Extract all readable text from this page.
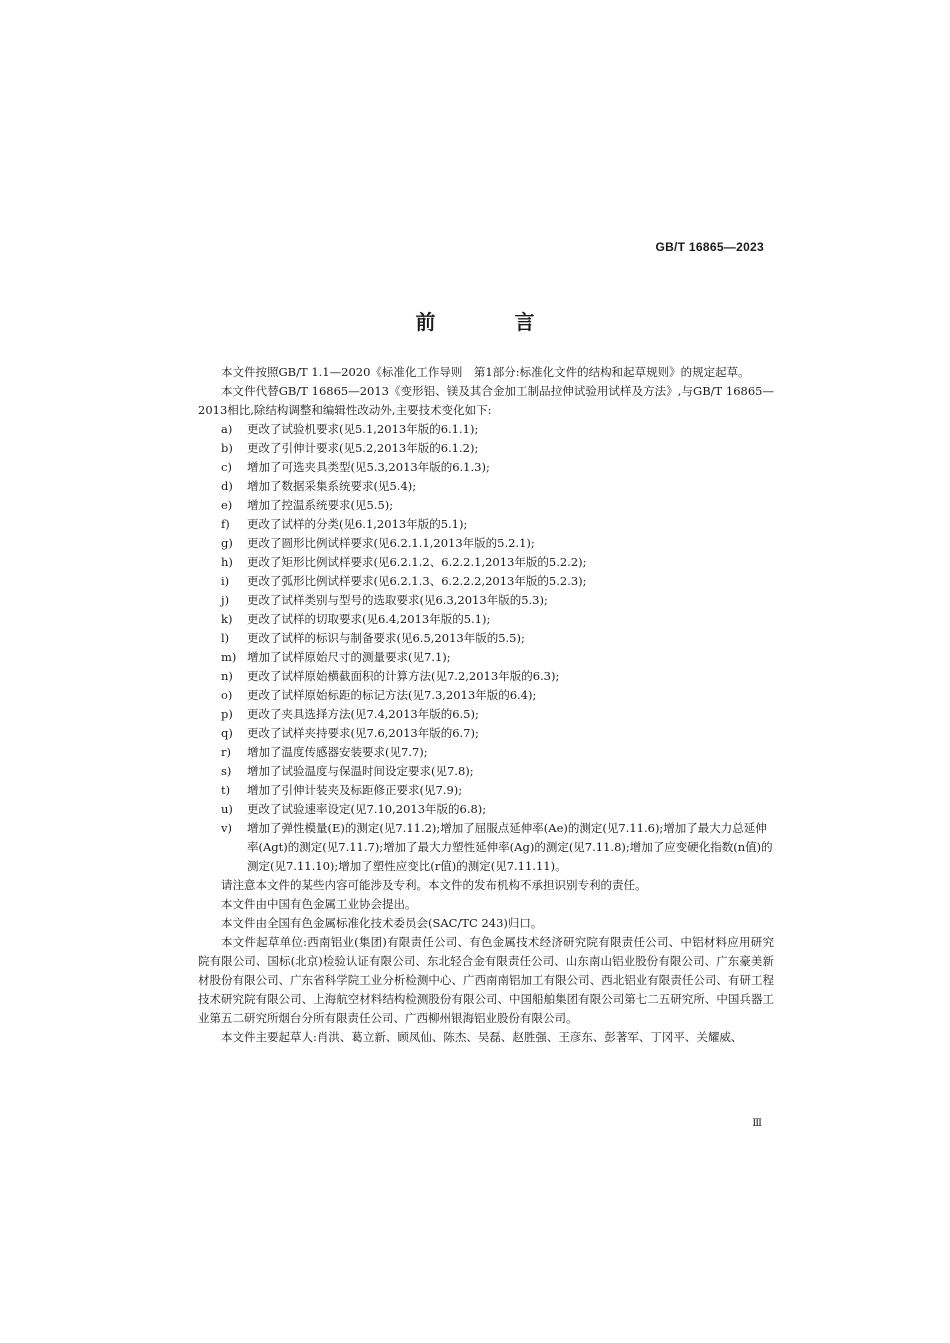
GB/T 16865—2023
前 言

本文件按照GB/T 1.1—2020《标准化工作导则　第1部分:标准化文件的结构和起草规则》的规定起草。

本文件代替GB/T 16865—2013《变形铝、镁及其合金加工制品拉伸试验用试样及方法》,与GB/T 16865—2013相比,除结构调整和编辑性改动外,主要技术变化如下:

a)	更改了试验机要求(见5.1,2013年版的6.1.1);
b)	更改了引伸计要求(见5.2,2013年版的6.1.2);
c)	增加了可选夹具类型(见5.3,2013年版的6.1.3);
d)	增加了数据采集系统要求(见5.4);
e)	增加了控温系统要求(见5.5);
f)	更改了试样的分类(见6.1,2013年版的5.1);
g)	更改了圆形比例试样要求(见6.2.1.1,2013年版的5.2.1);
h)	更改了矩形比例试样要求(见6.2.1.2、6.2.2.1,2013年版的5.2.2);
i)	更改了弧形比例试样要求(见6.2.1.3、6.2.2.2,2013年版的5.2.3);
j)	更改了试样类别与型号的选取要求(见6.3,2013年版的5.3);
k)	更改了试样的切取要求(见6.4,2013年版的5.1);
l)	更改了试样的标识与制备要求(见6.5,2013年版的5.5);
m) 增加了试样原始尺寸的测量要求(见7.1);
n)	更改了试样原始横截面积的计算方法(见7.2,2013年版的6.3);
o)	更改了试样原始标距的标记方法(见7.3,2013年版的6.4);
p)	更改了夹具选择方法(见7.4,2013年版的6.5);
q)	更改了试样夹持要求(见7.6,2013年版的6.7);
r)	增加了温度传感器安装要求(见7.7);
s)	增加了试验温度与保温时间设定要求(见7.8);
t)	增加了引伸计装夹及标距修正要求(见7.9);
u)	更改了试验速率设定(见7.10,2013年版的6.8);
v)	增加了弹性模量(E)的测定(见7.11.2);增加了屈服点延伸率(Ae)的测定(见7.11.6);增加了最大力总延伸率(Agt)的测定(见7.11.7);增加了最大力塑性延伸率(Ag)的测定(见7.11.8);增加了应变硬化指数(n值)的测定(见7.11.10);增加了塑性应变比(r值)的测定(见7.11.11)。

请注意本文件的某些内容可能涉及专利。本文件的发布机构不承担识别专利的责任。

本文件由中国有色金属工业协会提出。

本文件由全国有色金属标准化技术委员会(SAC/TC 243)归口。

本文件起草单位:西南铝业(集团)有限责任公司、有色金属技术经济研究院有限责任公司、中铝材料应用研究院有限公司、国标(北京)检验认证有限公司、东北轻合金有限责任公司、山东南山铝业股份有限公司、广东豪美新材股份有限公司、广东省科学院工业分析检测中心、广西南南铝加工有限公司、西北铝业有限责任公司、有研工程技术研究院有限公司、上海航空材料结构检测股份有限公司、中国船舶集团有限公司第七二五研究所、中国兵器工业第五二研究所烟台分所有限责任公司、广西柳州银海铝业股份有限公司。

本文件主要起草人:肖洪、葛立新、顾凤仙、陈杰、吴磊、赵胜强、王彦东、彭著军、丁冈平、关耀威、

Ⅲ
